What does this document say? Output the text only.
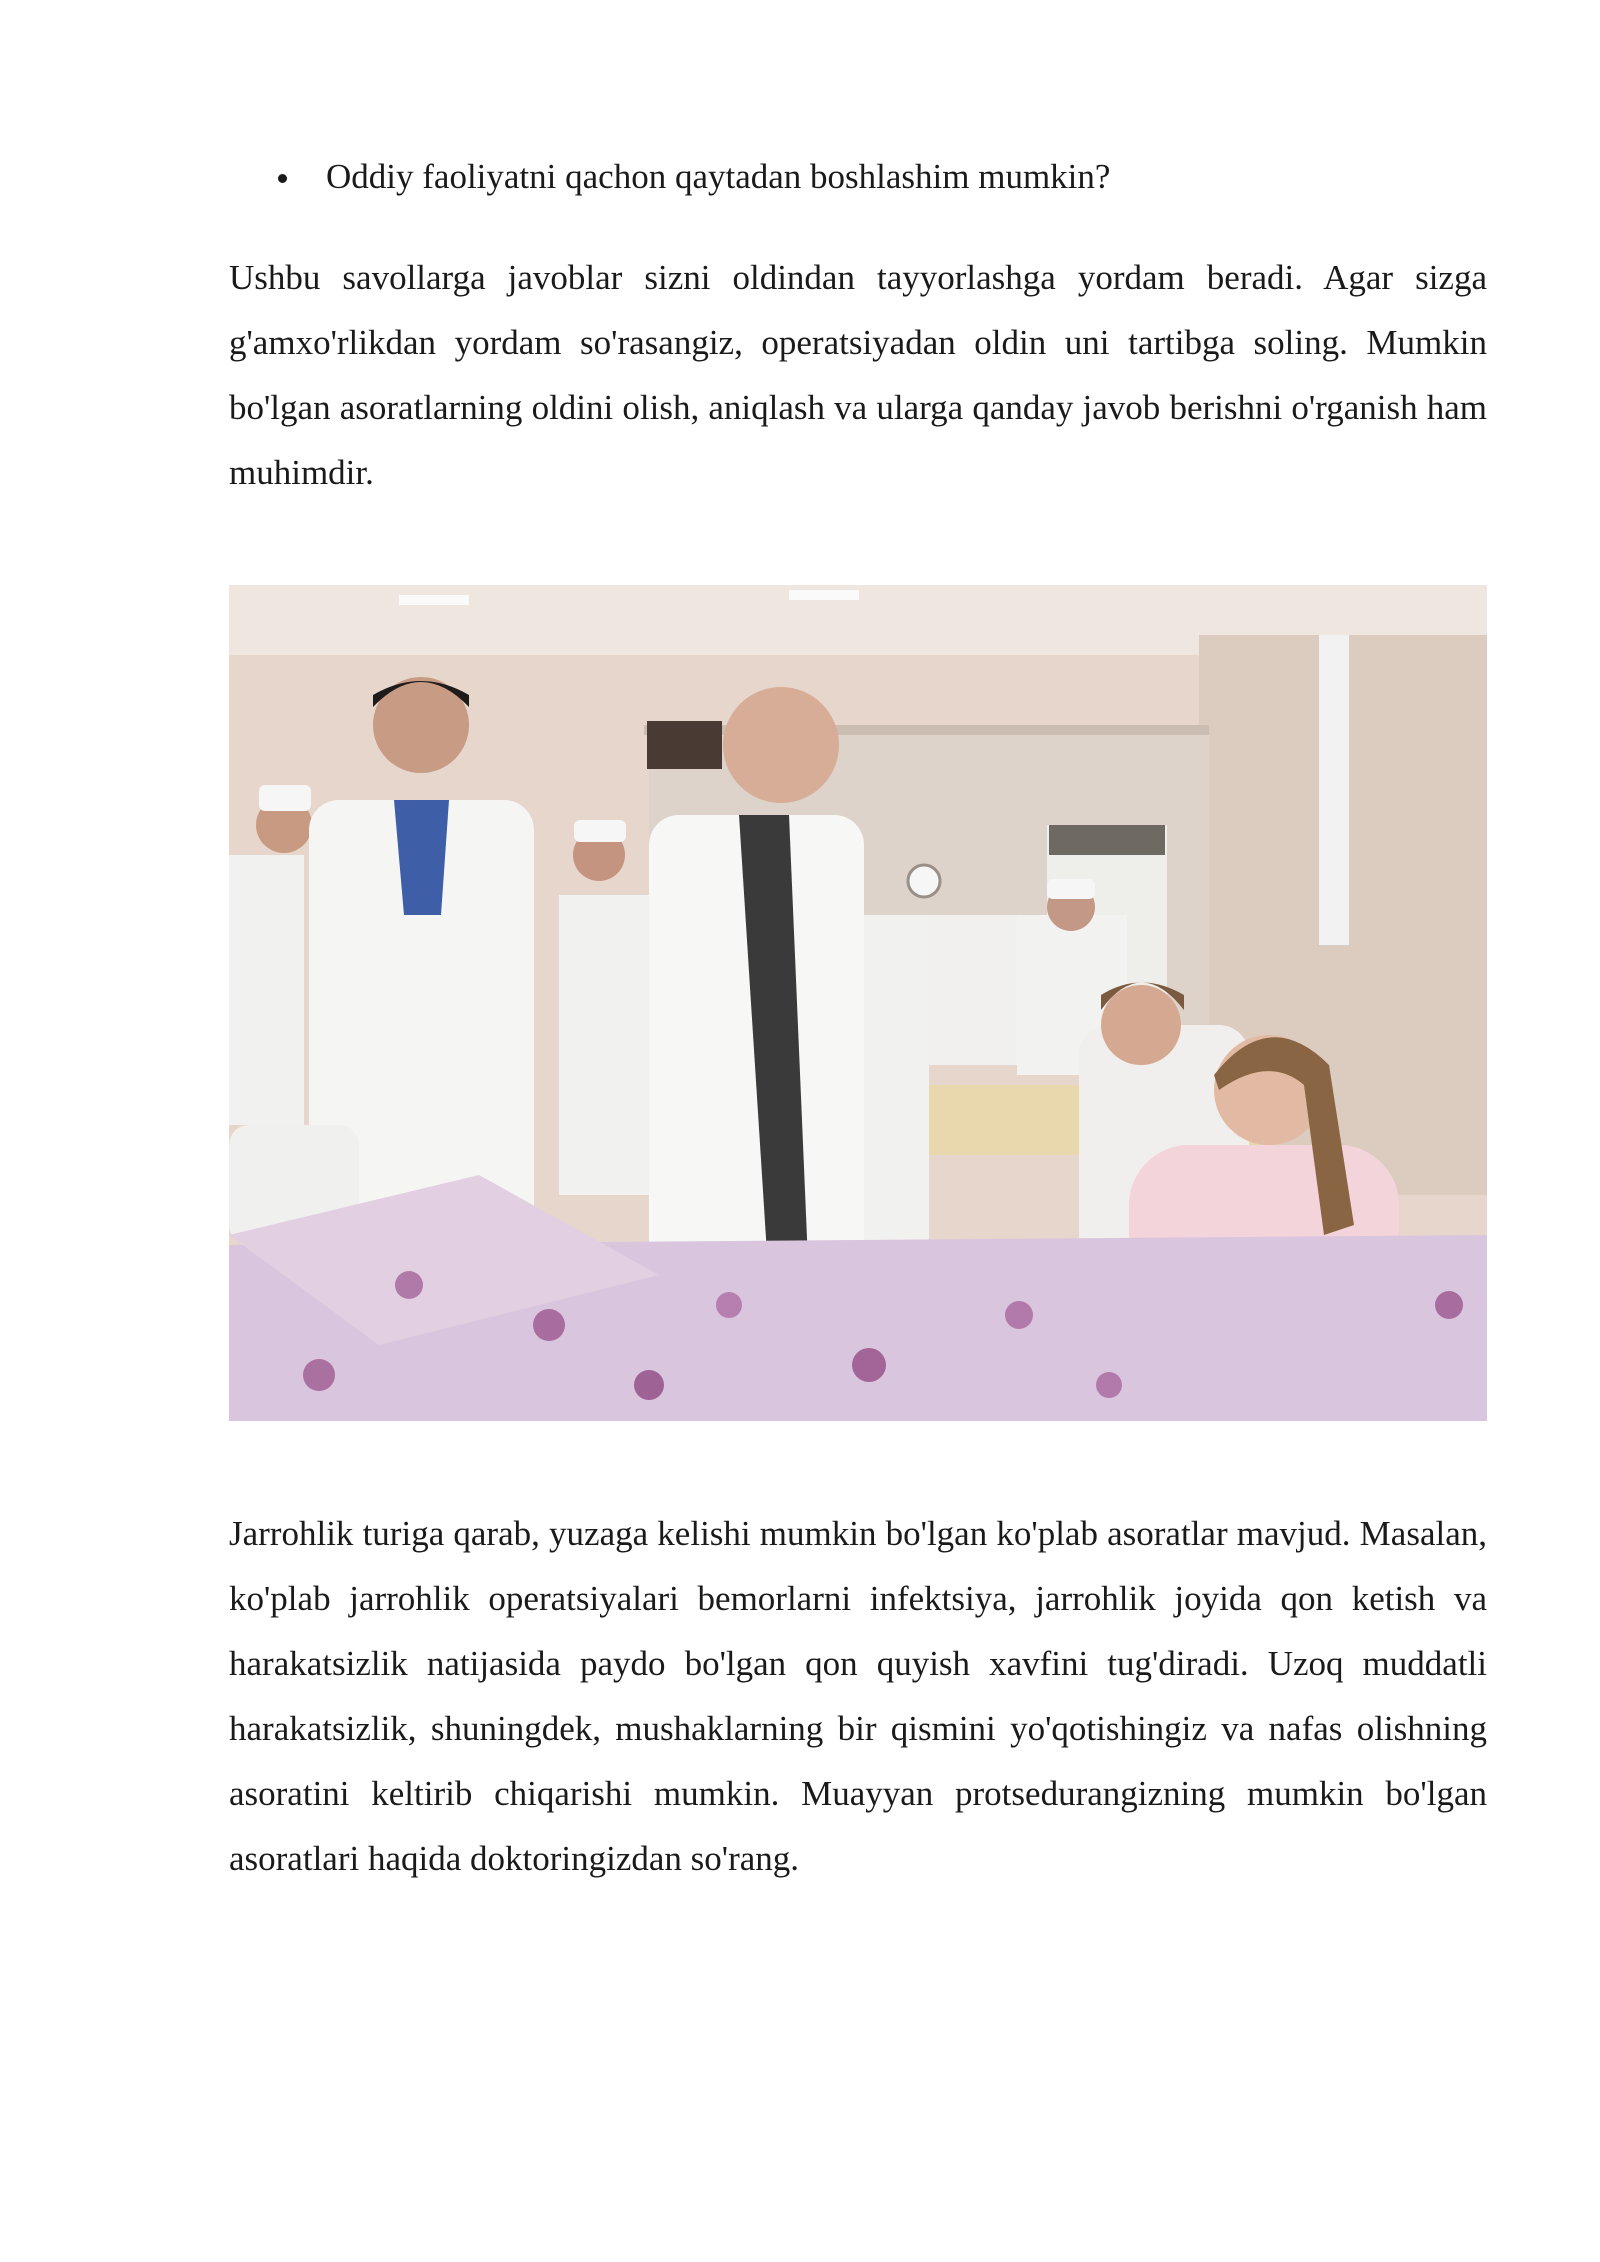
Oddiy faoliyatni qachon qaytadan boshlashim mumkin?

Ushbu savollarga javoblar sizni oldindan tayyorlashga yordam beradi. Agar sizga g'amxo'rlikdan yordam so'rasangiz, operatsiyadan oldin uni tartibga soling. Mumkin bo'lgan asoratlarning oldini olish, aniqlash va ularga qanday javob berishni o'rganish ham muhimdir.

Jarrohlik turiga qarab, yuzaga kelishi mumkin bo'lgan ko'plab asoratlar mavjud. Masalan, ko'plab jarrohlik operatsiyalari bemorlarni infektsiya, jarrohlik joyida qon ketish va harakatsizlik natijasida paydo bo'lgan qon quyish xavfini tug'diradi. Uzoq muddatli harakatsizlik, shuningdek, mushaklarning bir qismini yo'qotishingiz va nafas olishning asoratini keltirib chiqarishi mumkin. Muayyan protsedurangizning mumkin bo'lgan asoratlari haqida doktoringizdan so'rang.
